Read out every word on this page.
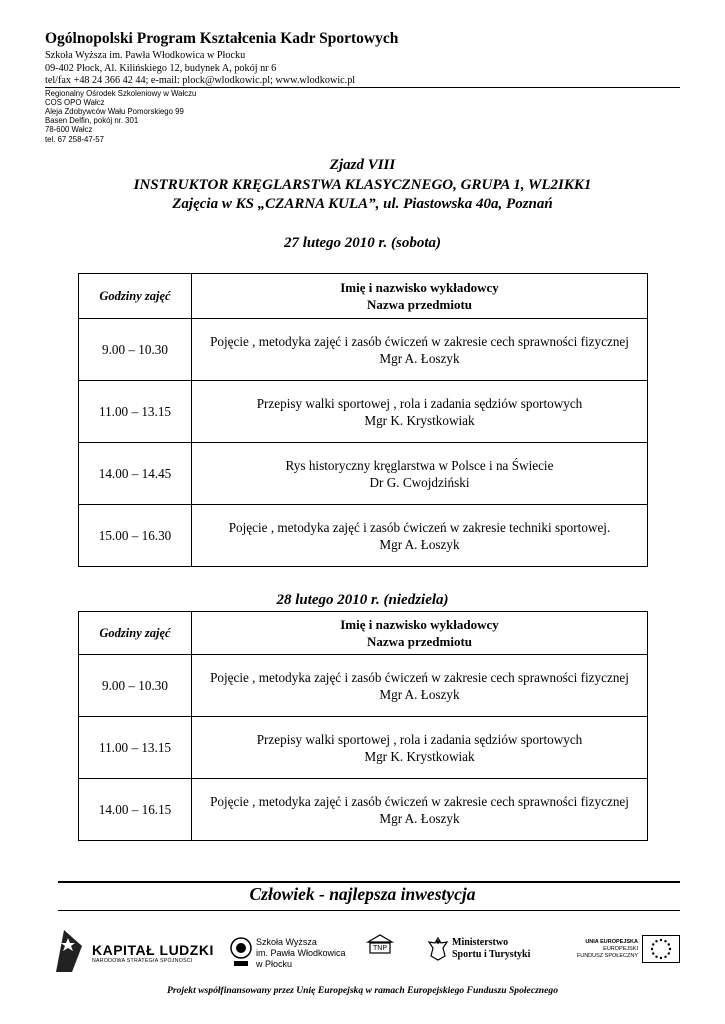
Ogólnopolski Program Kształcenia Kadr Sportowych
Szkoła Wyższa im. Pawła Włodkowica w Płocku
09-402 Płock, Al. Kilińskiego 12, budynek A, pokój nr 6
tel/fax +48 24 366 42 44; e-mail: plock@wlodkowic.pl; www.wlodkowic.pl
Regionalny Ośrodek Szkoleniowy w Wałczu
COS OPO Wałcz
Aleja Zdobywców Wału Pomorskiego 99
Basen Delfin, pokój nr. 301
78-600 Wałcz
tel. 67 258-47-57
Zjazd VIII
INSTRUKTOR KRĘGLARSTWA KLASYCZNEGO, GRUPA 1, WL2IKK1
Zajęcia w KS „CZARNA KULA”, ul. Piastowska 40a, Poznań
27 lutego 2010 r. (sobota)
Godziny zajęć	Imię i nazwisko wykładowcy
Nazwa przedmiotu

9.00 – 10.30	Pojęcie , metodyka zajęć i zasób ćwiczeń w zakresie cech sprawności fizycznej
Mgr A. Łoszyk

11.00 – 13.15	Przepisy walki sportowej , rola i zadania sędziów sportowych
Mgr K. Krystkowiak

14.00 – 14.45	Rys historyczny kręglarstwa w Polsce i na Świecie
Dr G. Cwojdziński

15.00 – 16.30	Pojęcie , metodyka zajęć i zasób ćwiczeń w zakresie techniki sportowej.
Mgr A. Łoszyk
28 lutego 2010 r. (niedziela)
Godziny zajęć	Imię i nazwisko wykładowcy
Nazwa przedmiotu

9.00 – 10.30	Pojęcie , metodyka zajęć i zasób ćwiczeń w zakresie cech sprawności fizycznej
Mgr A. Łoszyk

11.00 – 13.15	Przepisy walki sportowej , rola i zadania sędziów sportowych
Mgr K. Krystkowiak

14.00 – 16.15	Pojęcie , metodyka zajęć i zasób ćwiczeń w zakresie cech sprawności fizycznej
Mgr A. Łoszyk
Człowiek - najlepsza inwestycja
KAPITAŁ LUDZKI
NARODOWA STRATEGIA SPÓJNOŚCI
Szkoła Wyższa
im. Pawła Włodkowica
w Płocku
TNP
Ministerstwo
Sportu i Turystyki
UNIA EUROPEJSKA
EUROPEJSKI
FUNDUSZ SPOŁECZNY
Projekt współfinansowany przez Unię Europejską w ramach Europejskiego Funduszu Społecznego
